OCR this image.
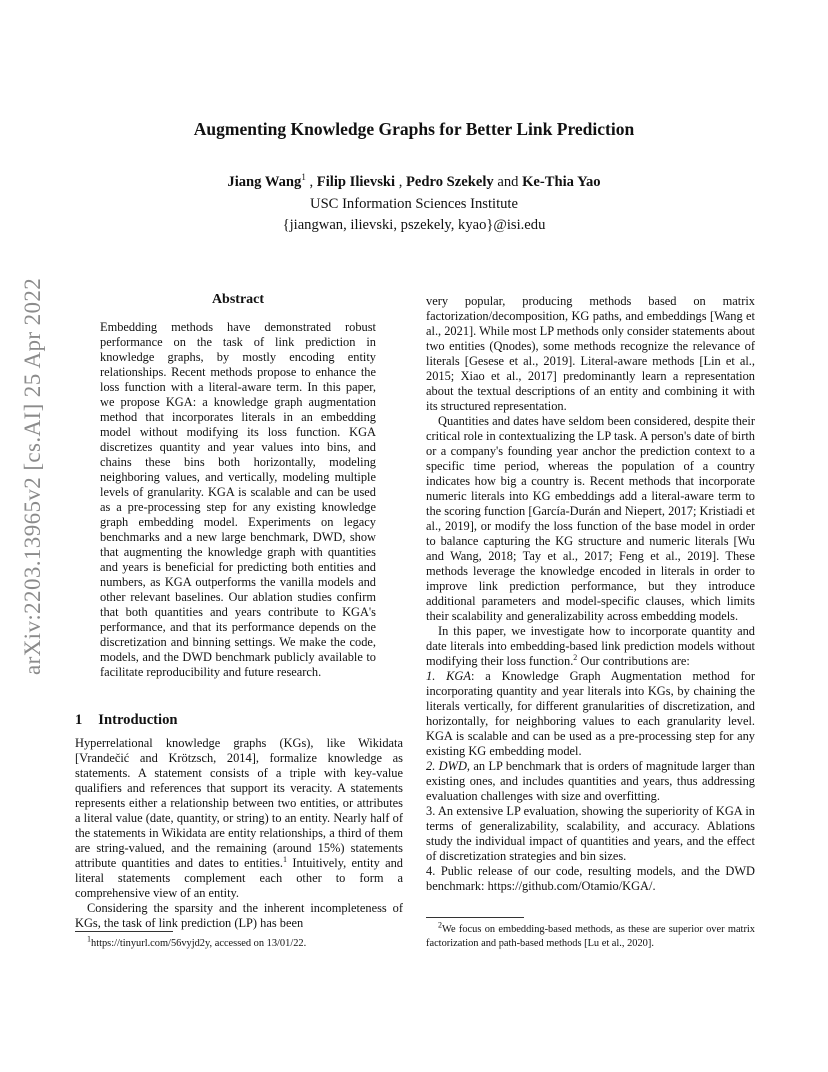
arXiv:2203.13965v2 [cs.AI] 25 Apr 2022
Augmenting Knowledge Graphs for Better Link Prediction
Jiang Wang$^1$ , Filip Ilievski , Pedro Szekely and Ke-Thia Yao
USC Information Sciences Institute
{jiangwan, ilievski, pszekely, kyao}@isi.edu
Abstract

Embedding methods have demonstrated robust performance on the task of link prediction in knowledge graphs, by mostly encoding entity relationships. Recent methods propose to enhance the loss function with a literal-aware term. In this paper, we propose KGA: a knowledge graph augmentation method that incorporates literals in an embedding model without modifying its loss function. KGA discretizes quantity and year values into bins, and chains these bins both horizontally, modeling neighboring values, and vertically, modeling multiple levels of granularity. KGA is scalable and can be used as a pre-processing step for any existing knowledge graph embedding model. Experiments on legacy benchmarks and a new large benchmark, DWD, show that augmenting the knowledge graph with quantities and years is beneficial for predicting both entities and numbers, as KGA outperforms the vanilla models and other relevant baselines. Our ablation studies confirm that both quantities and years contribute to KGA's performance, and that its performance depends on the discretization and binning settings. We make the code, models, and the DWD benchmark publicly available to facilitate reproducibility and future research.

1 Introduction

Hyperrelational knowledge graphs (KGs), like Wikidata [Vrandečić and Krötzsch, 2014], formalize knowledge as statements. A statement consists of a triple with key-value qualifiers and references that support its veracity. A statements represents either a relationship between two entities, or attributes a literal value (date, quantity, or string) to an entity. Nearly half of the statements in Wikidata are entity relationships, a third of them are string-valued, and the remaining (around 15%) statements attribute quantities and dates to entities.$^1$ Intuitively, entity and literal statements complement each other to form a comprehensive view of an entity.

Considering the sparsity and the inherent incompleteness of KGs, the task of link prediction (LP) has been

$^1$https://tinyurl.com/56vyjd2y, accessed on 13/01/22.

very popular, producing methods based on matrix factorization/decomposition, KG paths, and embeddings [Wang et al., 2021]. While most LP methods only consider statements about two entities (Qnodes), some methods recognize the relevance of literals [Gesese et al., 2019]. Literal-aware methods [Lin et al., 2015; Xiao et al., 2017] predominantly learn a representation about the textual descriptions of an entity and combining it with its structured representation.

Quantities and dates have seldom been considered, despite their critical role in contextualizing the LP task. A person's date of birth or a company's founding year anchor the prediction context to a specific time period, whereas the population of a country indicates how big a country is. Recent methods that incorporate numeric literals into KG embeddings add a literal-aware term to the scoring function [García-Durán and Niepert, 2017; Kristiadi et al., 2019], or modify the loss function of the base model in order to balance capturing the KG structure and numeric literals [Wu and Wang, 2018; Tay et al., 2017; Feng et al., 2019]. These methods leverage the knowledge encoded in literals in order to improve link prediction performance, but they introduce additional parameters and model-specific clauses, which limits their scalability and generalizability across embedding models.

In this paper, we investigate how to incorporate quantity and date literals into embedding-based link prediction models without modifying their loss function.$^2$ Our contributions are:

1. KGA: a Knowledge Graph Augmentation method for incorporating quantity and year literals into KGs, by chaining the literals vertically, for different granularities of discretization, and horizontally, for neighboring values to each granularity level. KGA is scalable and can be used as a pre-processing step for any existing KG embedding model.

2. DWD, an LP benchmark that is orders of magnitude larger than existing ones, and includes quantities and years, thus addressing evaluation challenges with size and overfitting.

3. An extensive LP evaluation, showing the superiority of KGA in terms of generalizability, scalability, and accuracy. Ablations study the individual impact of quantities and years, and the effect of discretization strategies and bin sizes.

4. Public release of our code, resulting models, and the DWD benchmark: https://github.com/Otamio/KGA/.

$^2$We focus on embedding-based methods, as these are superior over matrix factorization and path-based methods [Lu et al., 2020].
